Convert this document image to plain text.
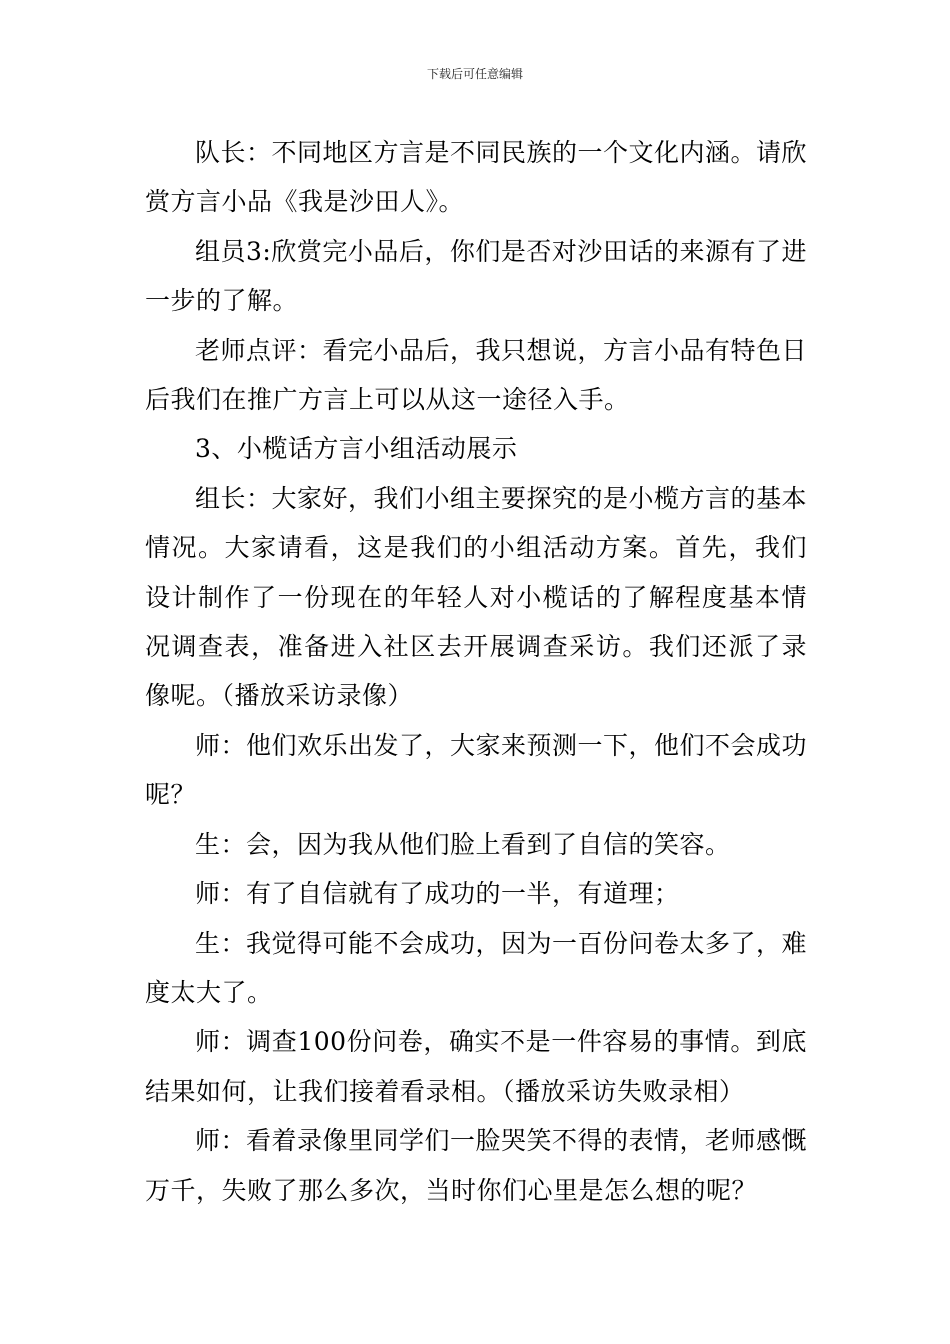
下载后可任意编辑

队长：不同地区方言是不同民族的一个文化内涵。请欣赏方言小品《我是沙田人》。

组员3:欣赏完小品后，你们是否对沙田话的来源有了进一步的了解。

老师点评：看完小品后，我只想说，方言小品有特色日后我们在推广方言上可以从这一途径入手。

3、小榄话方言小组活动展示

组长：大家好，我们小组主要探究的是小榄方言的基本情况。大家请看，这是我们的小组活动方案。首先，我们设计制作了一份现在的年轻人对小榄话的了解程度基本情况调查表，准备进入社区去开展调查采访。我们还派了录像呢。（播放采访录像）

师：他们欢乐出发了，大家来预测一下，他们不会成功呢？

生：会，因为我从他们脸上看到了自信的笑容。

师：有了自信就有了成功的一半，有道理；

生：我觉得可能不会成功，因为一百份问卷太多了，难度太大了。

师：调查100份问卷，确实不是一件容易的事情。到底结果如何，让我们接着看录相。（播放采访失败录相）

师：看着录像里同学们一脸哭笑不得的表情，老师感慨万千，失败了那么多次，当时你们心里是怎么想的呢？
